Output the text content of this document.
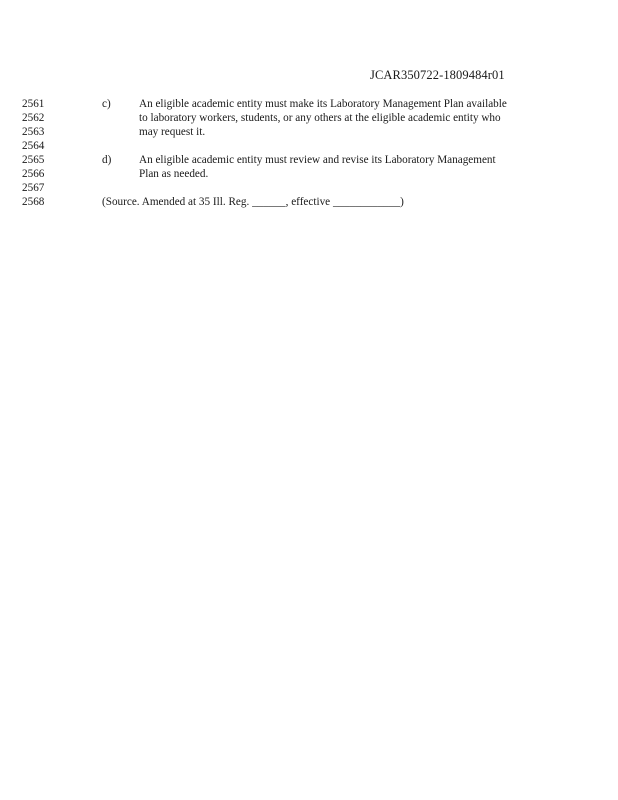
JCAR350722-1809484r01
2561	c)	An eligible academic entity must make its Laboratory Management Plan available
2562	to laboratory workers, students, or any others at the eligible academic entity who
2563	may request it.
2564
2565	d) An eligible academic entity must review and revise its Laboratory Management
2566	Plan as needed.
2567
2568	(Source. Amended at 35 Ill. Reg. ______, effective ____________)
